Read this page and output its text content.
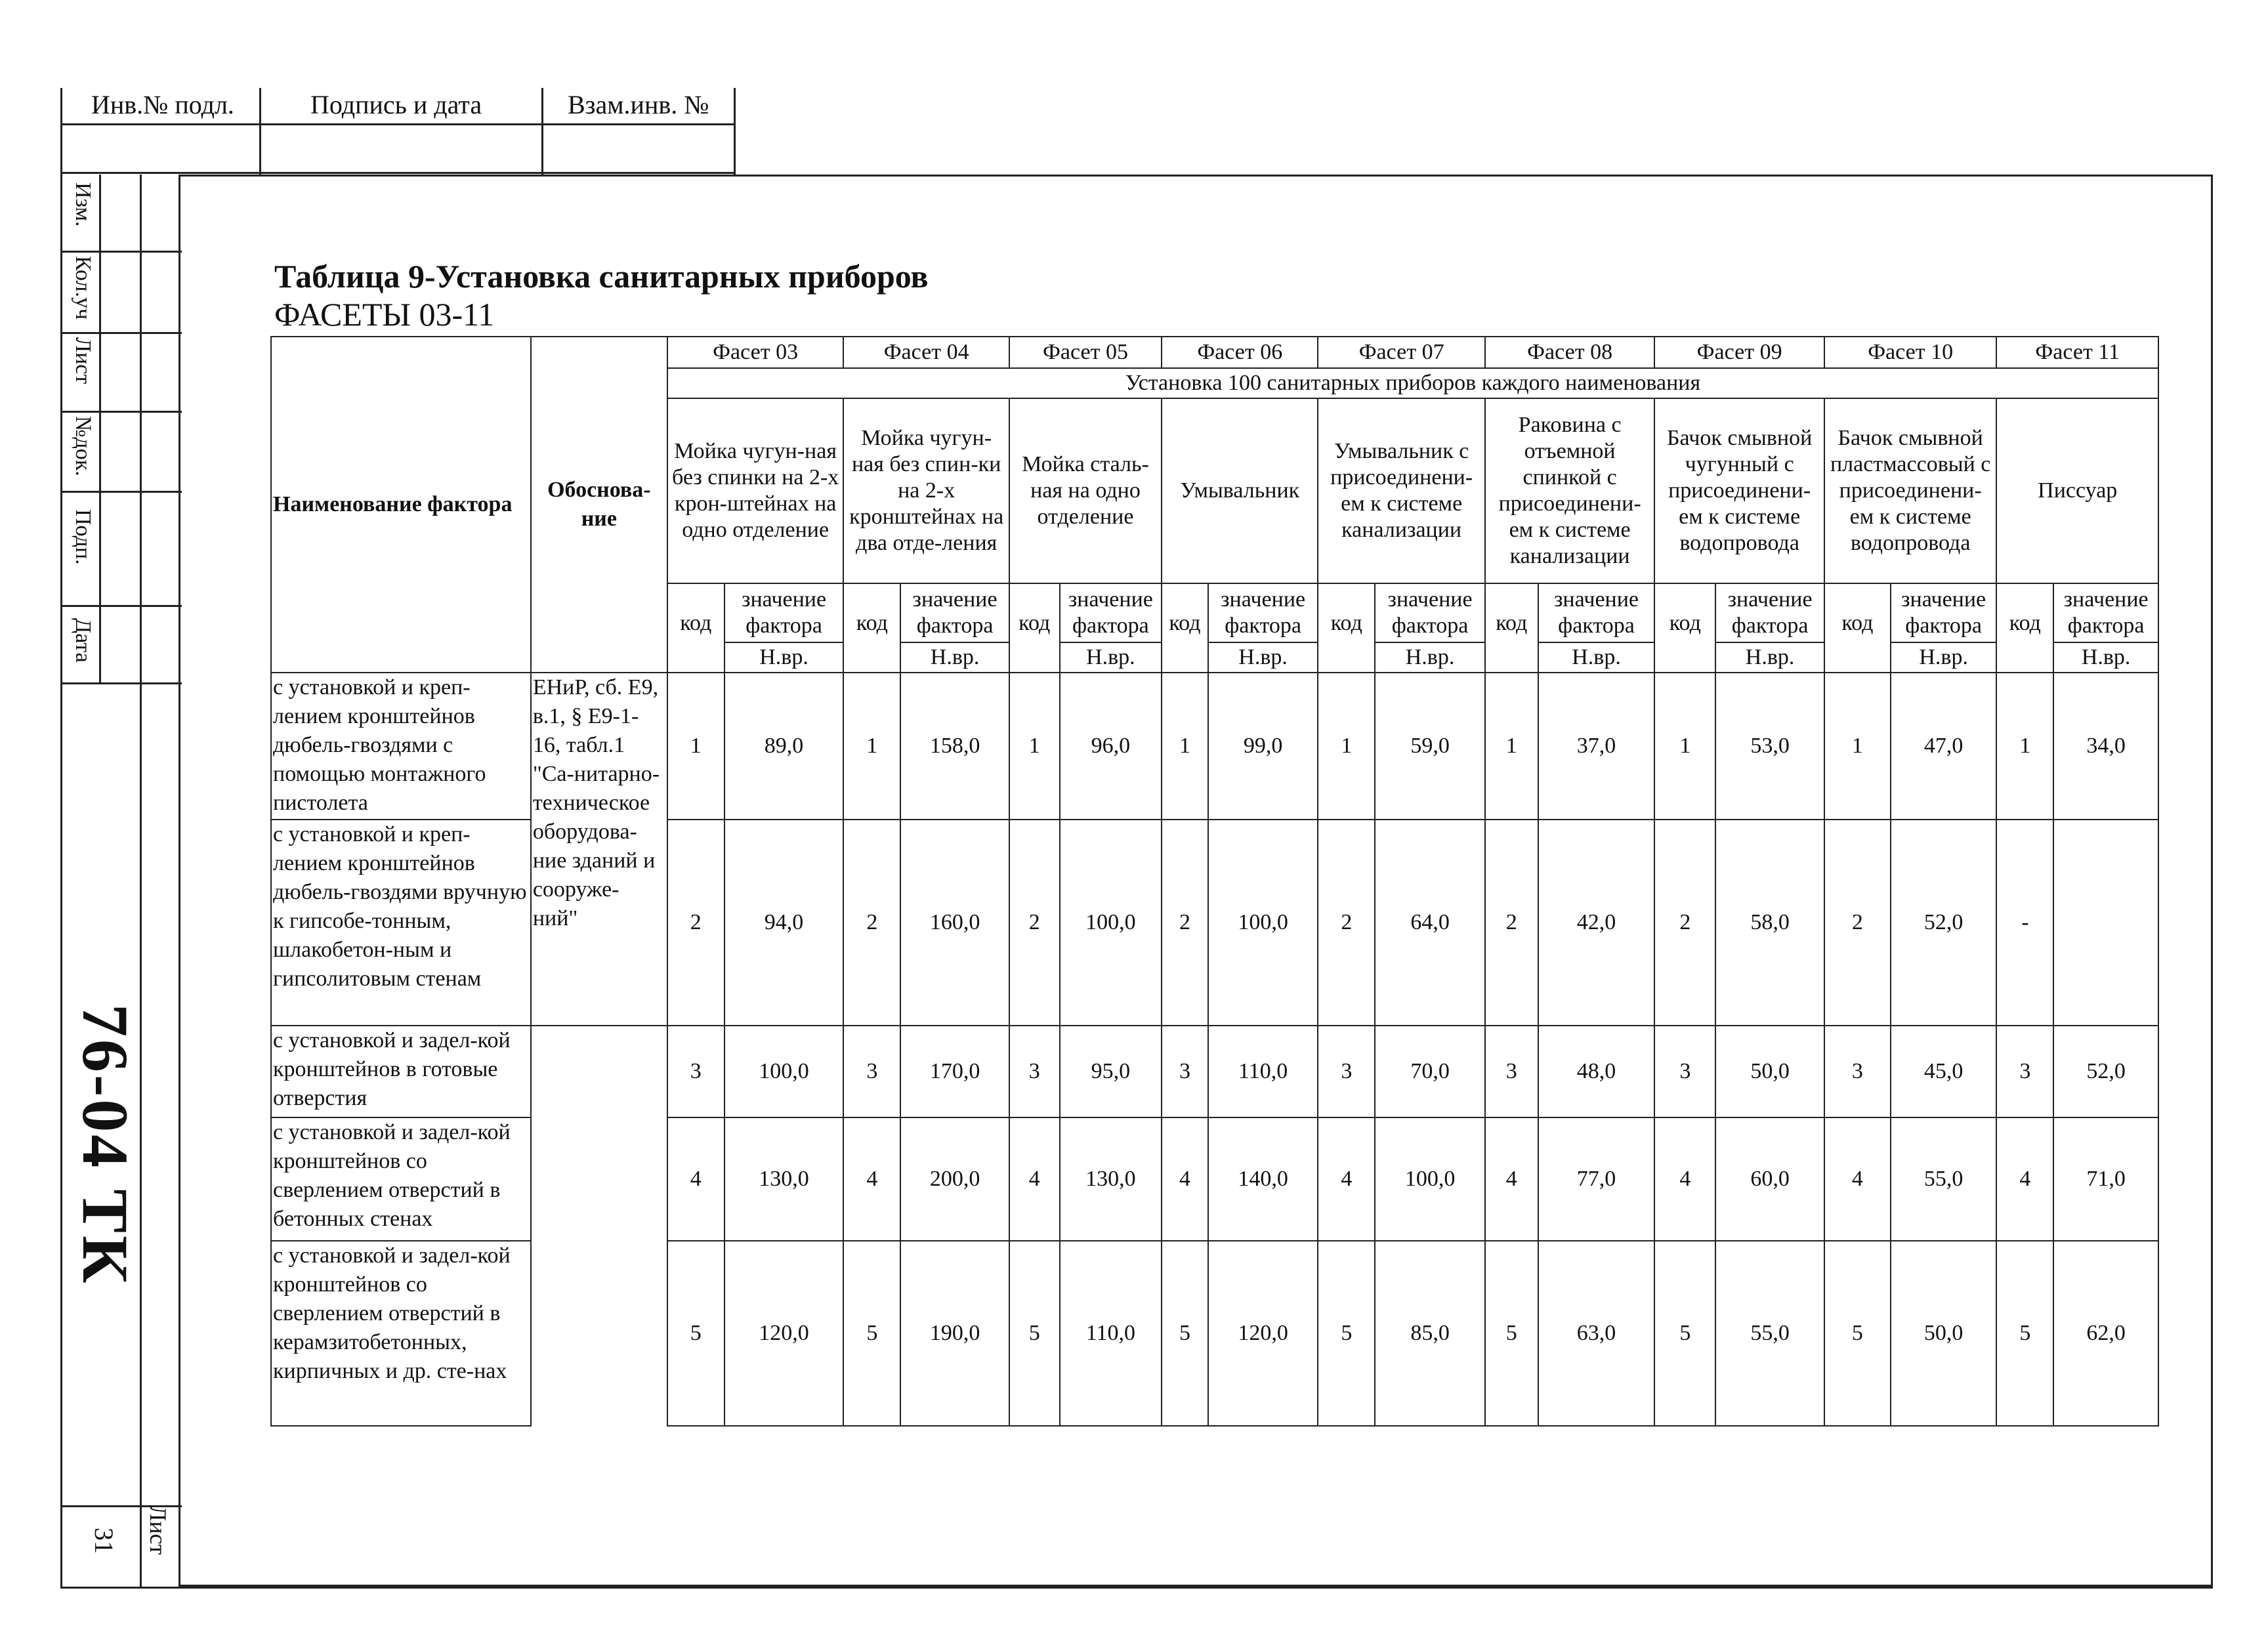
Инв.№ подл.	Подпись и дата	Взам.инв. №
Изм.
Кол.уч
Лист
№док.
Подп.
Дата
76-04 ТК
Лист
31
Таблица 9-Установка санитарных приборов
ФАСЕТЫ 03-11
Наименование фактора	Обоснова-ние	Фасет 03		Фасет 04		Фасет 05		Фасет 06		Фасет 07		Фасет 08		Фасет 09		Фасет 10		Фасет 11	
		Установка 100 санитарных приборов каждого наименования																	
		Мойка чугун-ная без спинки на 2-х крон-штейнах на одно отделение		Мойка чугун-ная без спин-ки на 2-х кронштейнах на два отде-ления		Мойка сталь-ная на одно отделение		Умывальник		Умывальник с присоединени-ем к системе канализации		Раковина с отъемной спинкой с присоединени-ем к системе канализации		Бачок смывной чугунный с присоединени-ем к системе водопровода		Бачок смывной пластмассовый с присоединени-ем к системе водопровода		Писсуар	
		код	значение фактора	код	значение фактора	код	значение фактора	код	значение фактора	код	значение фактора	код	значение фактора	код	значение фактора	код	значение фактора	код	значение фактора
			Н.вр.		Н.вр.		Н.вр.		Н.вр.		Н.вр.		Н.вр.		Н.вр.		Н.вр.		Н.вр.
с установкой и креп-лением кронштейнов дюбель-гвоздями с помощью монтажного пистолета	ЕНиР, сб. Е9, в.1, § Е9-1-16, табл.1 "Са-нитарно-техническое оборудова-ние зданий и сооруже-ний"	1	89,0	1	158,0	1	96,0	1	99,0	1	59,0	1	37,0	1	53,0	1	47,0	1	34,0
с установкой и креп-лением кронштейнов дюбель-гвоздями вручную к гипсобе-тонным, шлакобетон-ным и гипсолитовым стенам		2	94,0	2	160,0	2	100,0	2	100,0	2	64,0	2	42,0	2	58,0	2	52,0	-	
с установкой и задел-кой кронштейнов в готовые отверстия		3	100,0	3	170,0	3	95,0	3	110,0	3	70,0	3	48,0	3	50,0	3	45,0	3	52,0
с установкой и задел-кой кронштейнов со сверлением отверстий в бетонных стенах		4	130,0	4	200,0	4	130,0	4	140,0	4	100,0	4	77,0	4	60,0	4	55,0	4	71,0
с установкой и задел-кой кронштейнов со сверлением отверстий в керамзитобетонных, кирпичных и др. сте-нах		5	120,0	5	190,0	5	110,0	5	120,0	5	85,0	5	63,0	5	55,0	5	50,0	5	62,0
